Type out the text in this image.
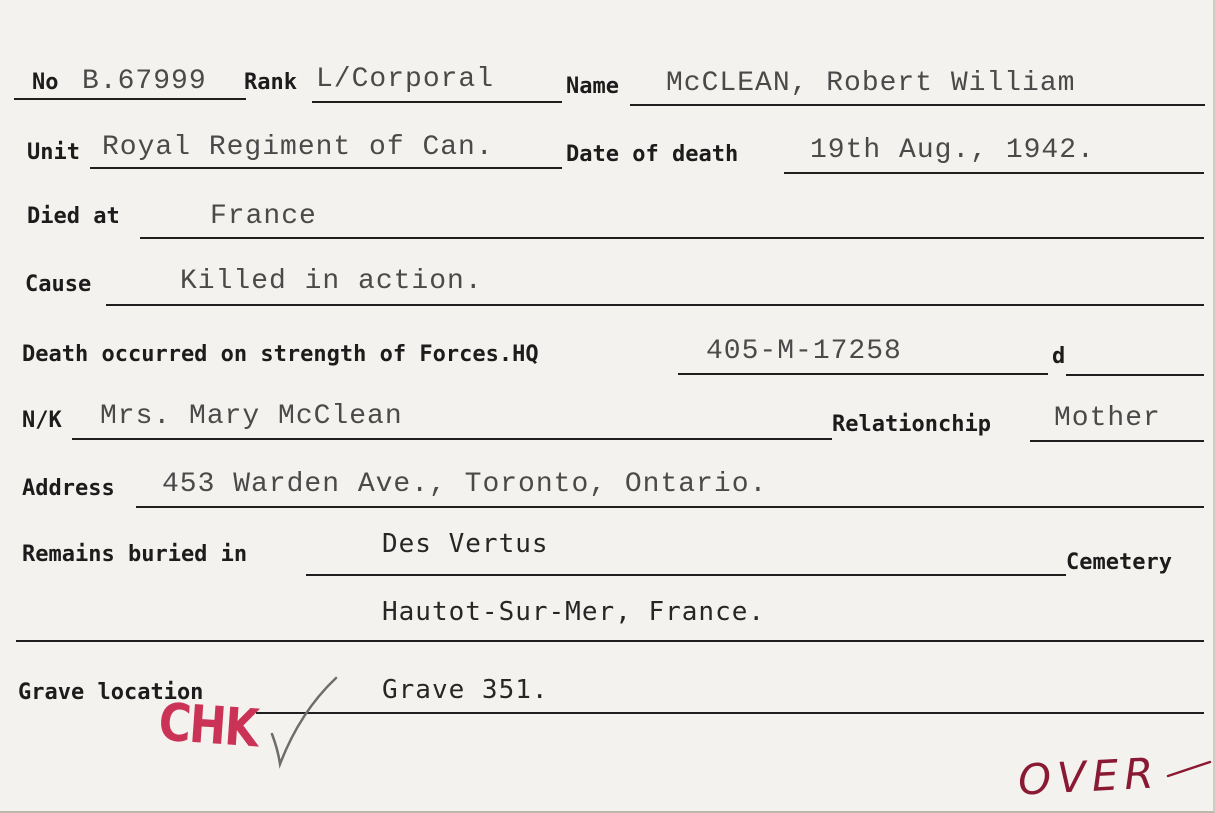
No B.67999 Rank L/Corporal	Name McCLEAN, Robert William
Unit Royal Regiment of Can.	Date of death	19th Aug., 1942.
Died at	France
Cause	Killed in action.
Death occurred on strength of Forces.HQ	405-M-17258	d
N/K Mrs. Mary McClean	Relationchip Mother
Address 453 Warden Ave., Toronto, Ontario.
Remains buried in	Des Vertus
Cemetery
Hautot-Sur-Mer, France.
Grave location	Grave 351.
CHK
OVER
